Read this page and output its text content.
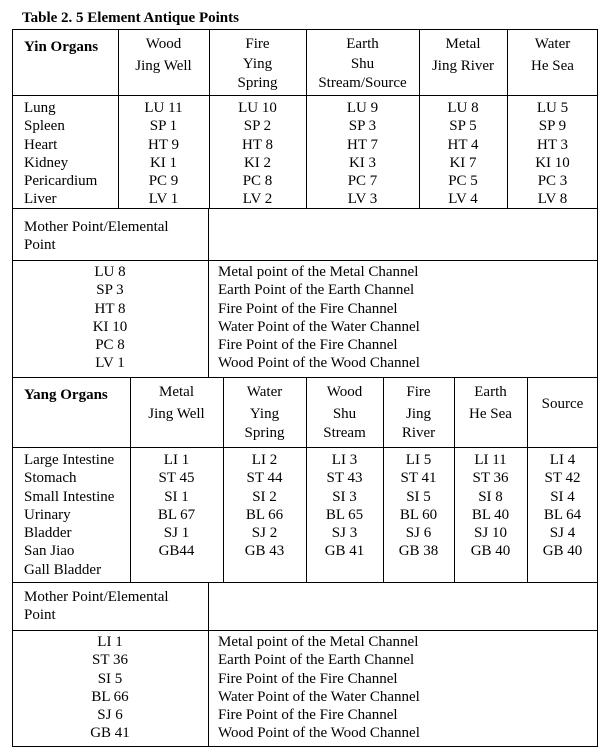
Table 2. 5 Element Antique Points
Yin Organs	Wood
Jing Well
Fire
Ying
Spring
Earth
Shu
Stream/Source
Metal
Jing River
Water
He Sea
Lung
Spleen
Heart
Kidney
Pericardium
Liver
LU 11
SP 1
HT 9
KI 1
PC 9
LV 1
LU 10
SP 2
HT 8
KI 2
PC 8
LV 2
LU 9
SP 3
HT 7
KI 3
PC 7
LV 3
LU 8
SP 5
HT 4
KI 7
PC 5
LV 4
LU 5
SP 9
HT 3
KI 10
PC 3
LV 8
Mother Point/Elemental Point
LU 8
SP 3
HT 8
KI 10
PC 8
LV 1
Metal point of the Metal Channel
Earth Point of the Earth Channel
Fire Point of the Fire Channel
Water Point of the Water Channel
Fire Point of the Fire Channel
Wood Point of the Wood Channel
Yang Organs	Metal
Jing Well
Water
Ying
Spring
Wood
Shu
Stream
Fire
Jing
River
Earth
He Sea
Source
Large Intestine
Stomach
Small Intestine
Urinary
Bladder
San Jiao
Gall Bladder
LI 1
ST 45
SI 1
BL 67
SJ 1
GB44
LI 2
ST 44
SI 2
BL 66
SJ 2
GB 43
LI 3
ST 43
SI 3
BL 65
SJ 3
GB 41
LI 5
ST 41
SI 5
BL 60
SJ 6
GB 38
LI 11
ST 36
SI 8
BL 40
SJ 10
GB 40
LI 4
ST 42
SI 4
BL 64
SJ 4
GB 40
Mother Point/Elemental Point
LI 1
ST 36
SI 5
BL 66
SJ 6
GB 41
Metal point of the Metal Channel
Earth Point of the Earth Channel
Fire Point of the Fire Channel
Water Point of the Water Channel
Fire Point of the Fire Channel
Wood Point of the Wood Channel
